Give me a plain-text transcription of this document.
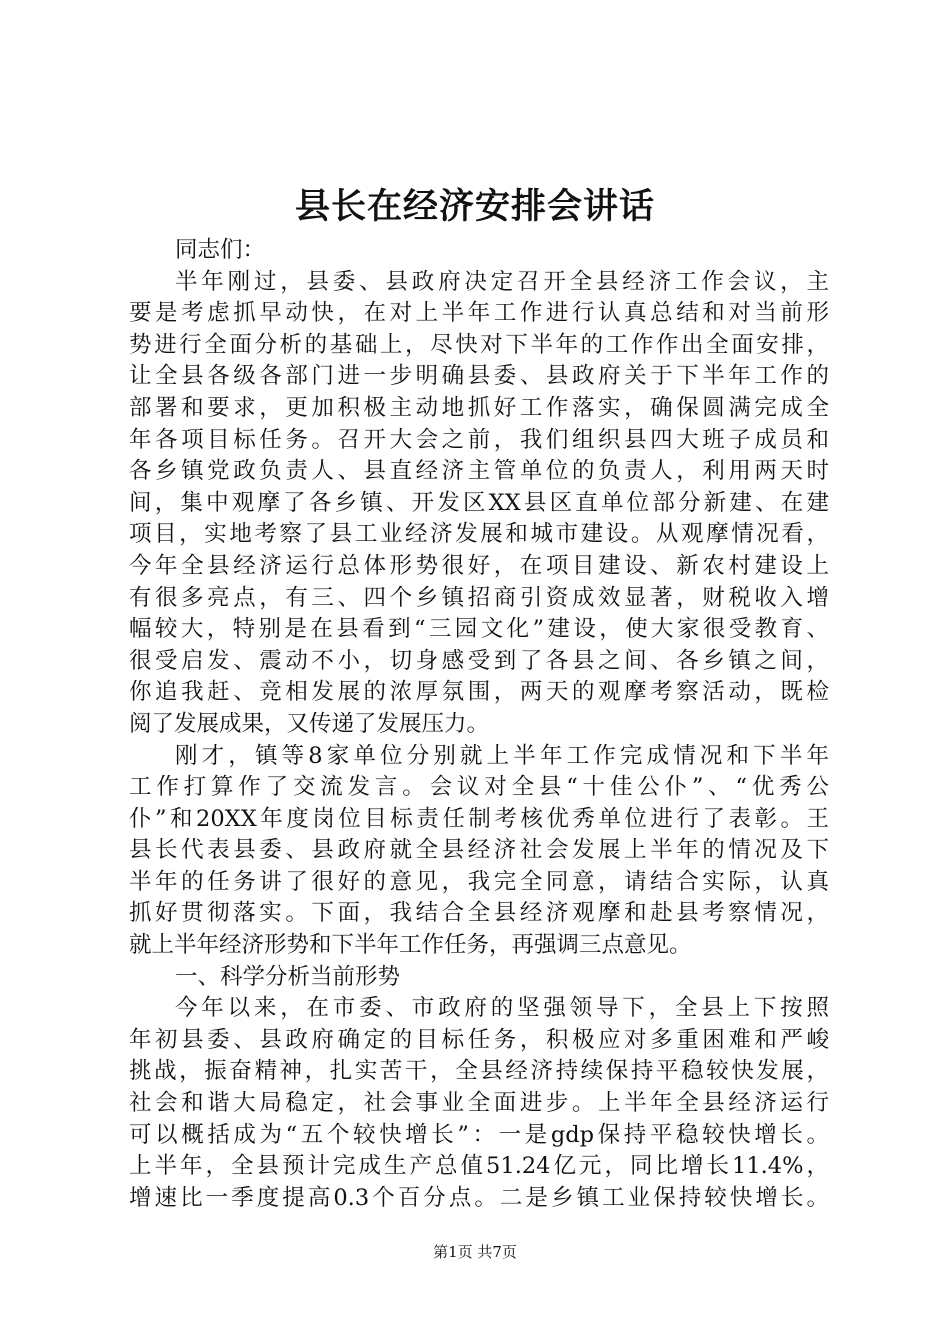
县长在经济安排会讲话
同志们：
半年刚过，县委、县政府决定召开全县经济工作会议，主
要是考虑抓早动快，在对上半年工作进行认真总结和对当前形
势进行全面分析的基础上，尽快对下半年的工作作出全面安排，
让全县各级各部门进一步明确县委、县政府关于下半年工作的
部署和要求，更加积极主动地抓好工作落实，确保圆满完成全
年各项目标任务。召开大会之前，我们组织县四大班子成员和
各乡镇党政负责人、县直经济主管单位的负责人，利用两天时
间，集中观摩了各乡镇、开发区XX县区直单位部分新建、在建
项目，实地考察了县工业经济发展和城市建设。从观摩情况看，
今年全县经济运行总体形势很好，在项目建设、新农村建设上
有很多亮点，有三、四个乡镇招商引资成效显著，财税收入增
幅较大，特别是在县看到“三园文化”建设，使大家很受教育、
很受启发、震动不小，切身感受到了各县之间、各乡镇之间，
你追我赶、竞相发展的浓厚氛围，两天的观摩考察活动，既检
阅了发展成果，又传递了发展压力。
刚才，镇等8家单位分别就上半年工作完成情况和下半年
工作打算作了交流发言。会议对全县“十佳公仆”、“优秀公
仆”和20XX年度岗位目标责任制考核优秀单位进行了表彰。王
县长代表县委、县政府就全县经济社会发展上半年的情况及下
半年的任务讲了很好的意见，我完全同意，请结合实际，认真
抓好贯彻落实。下面，我结合全县经济观摩和赴县考察情况，
就上半年经济形势和下半年工作任务，再强调三点意见。
一、科学分析当前形势
今年以来，在市委、市政府的坚强领导下，全县上下按照
年初县委、县政府确定的目标任务，积极应对多重困难和严峻
挑战，振奋精神，扎实苦干，全县经济持续保持平稳较快发展，
社会和谐大局稳定，社会事业全面进步。上半年全县经济运行
可以概括成为“五个较快增长”：一是gdp保持平稳较快增长。
上半年，全县预计完成生产总值51.24亿元，同比增长11.4%，
增速比一季度提高0.3个百分点。二是乡镇工业保持较快增长。
第1页 共7页
